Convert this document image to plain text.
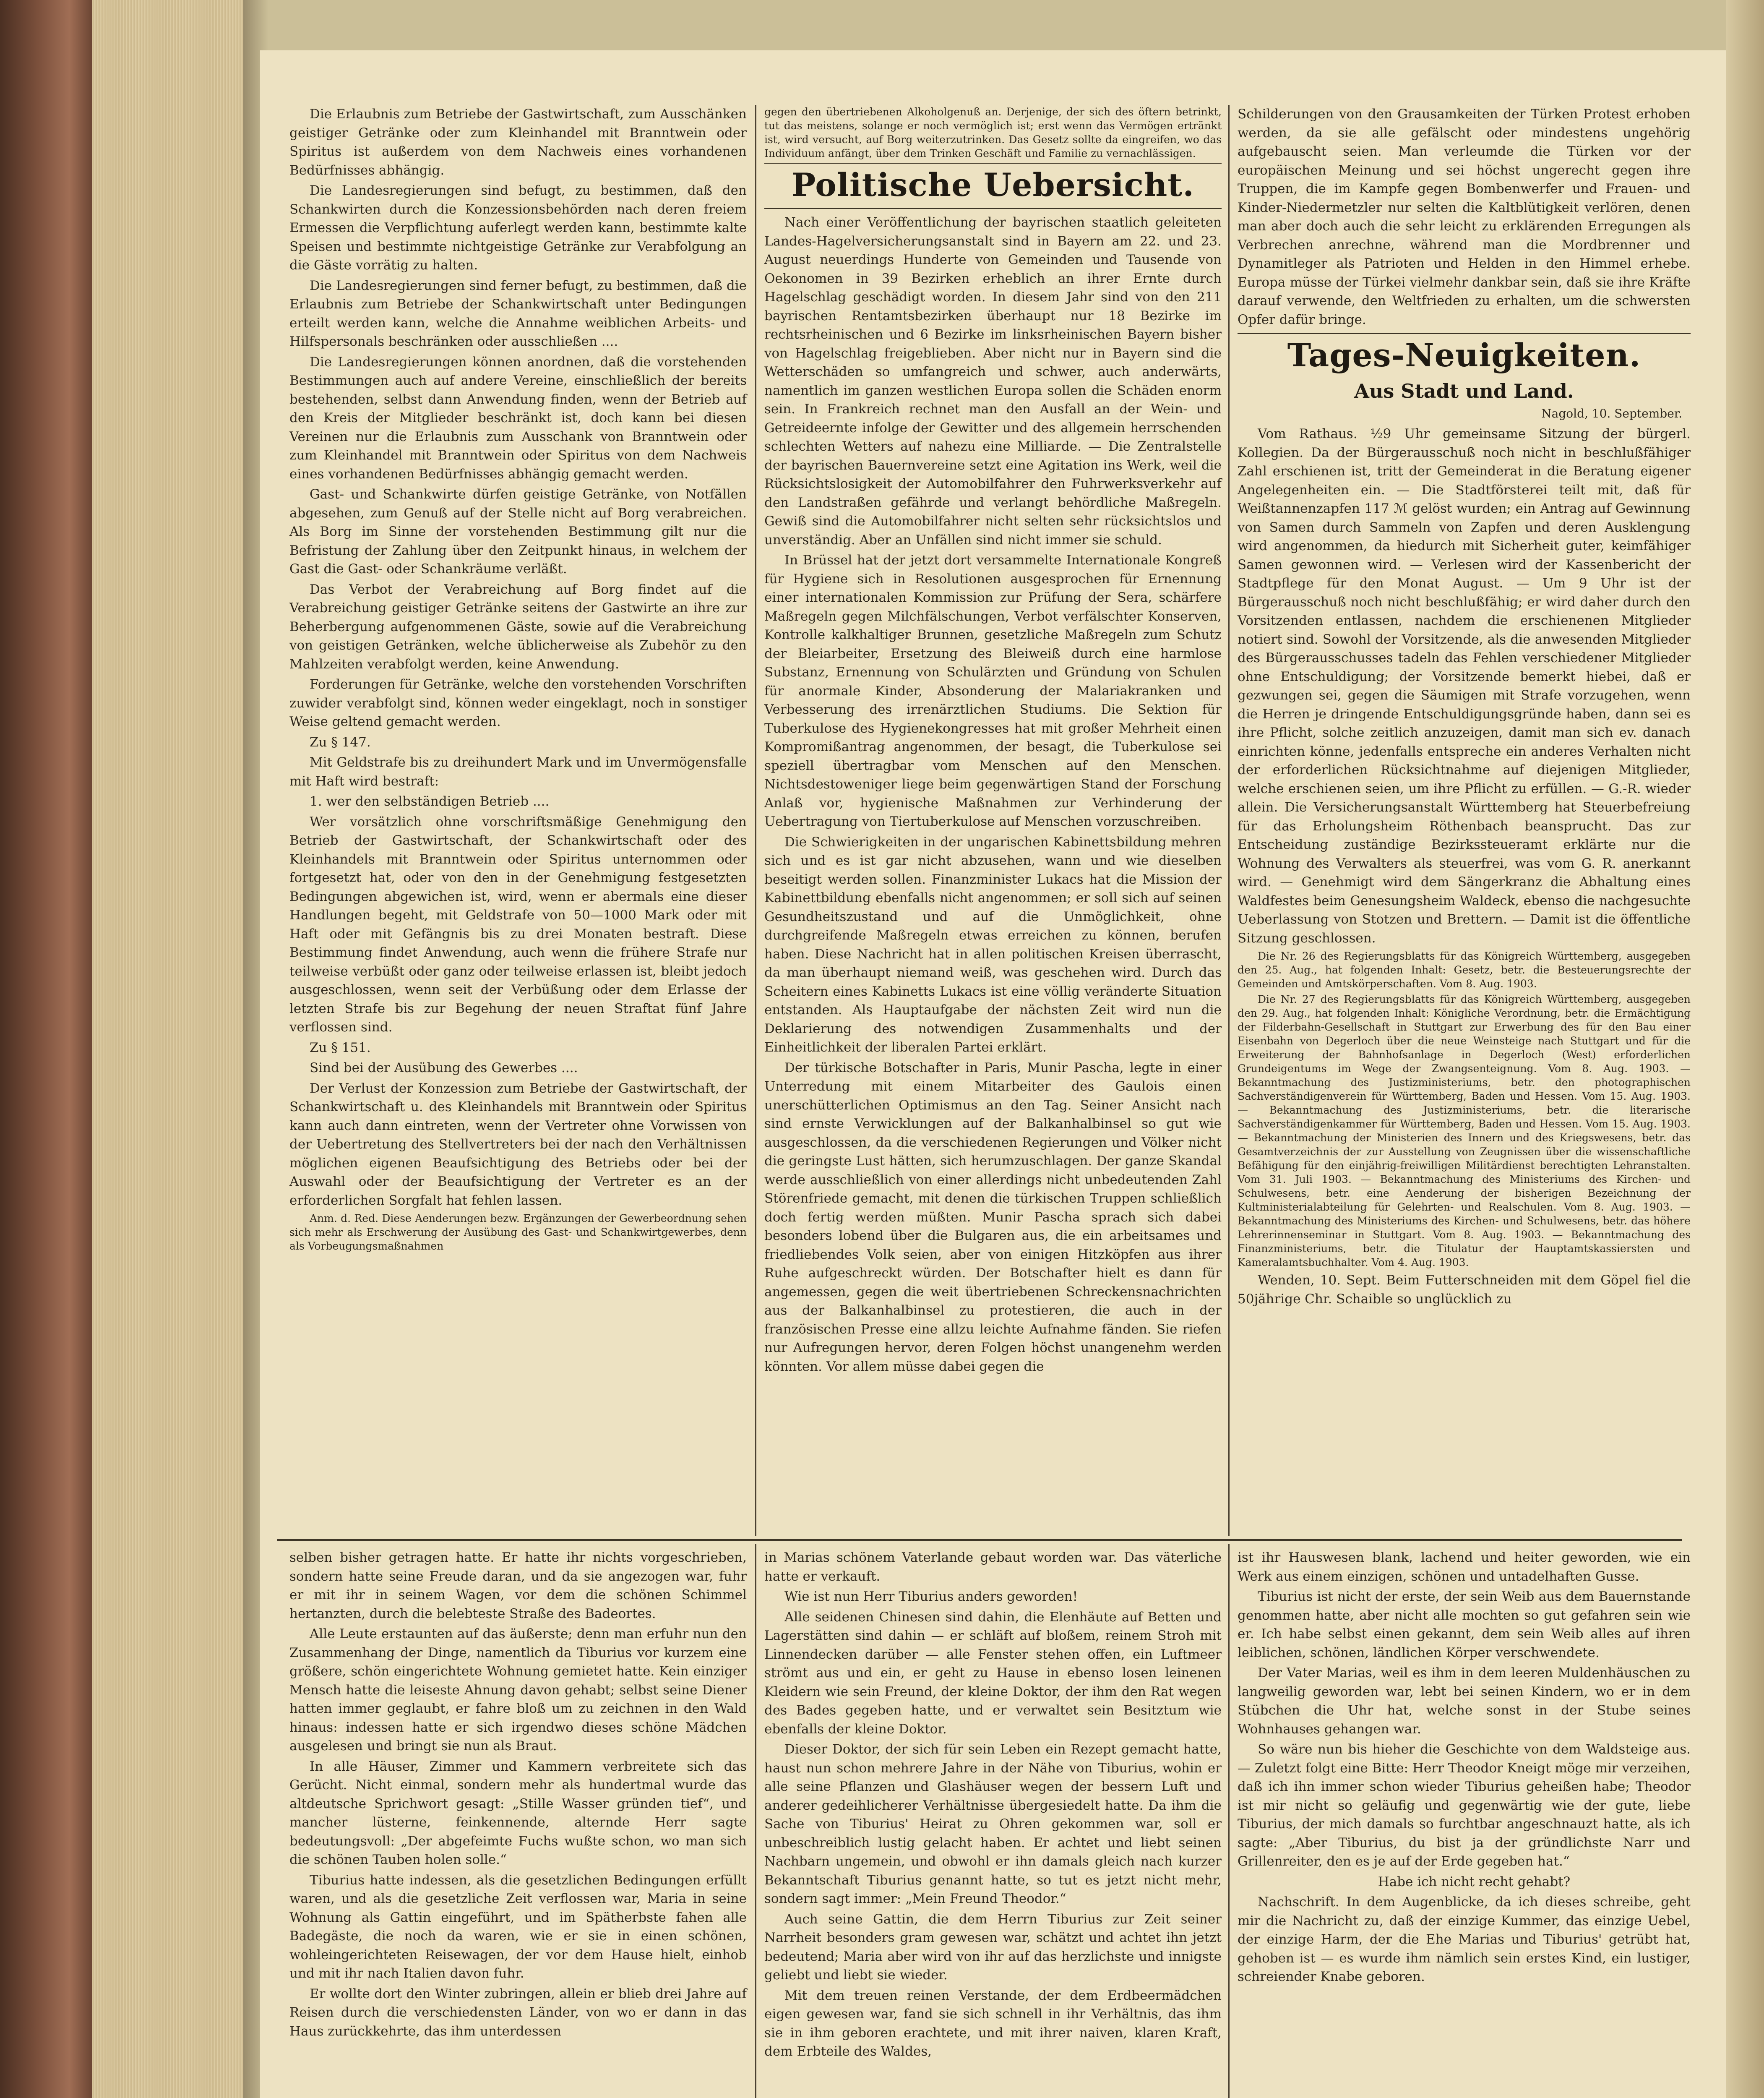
Die Erlaubnis zum Betriebe der Gastwirtschaft, zum Ausschänken geistiger Getränke oder zum Kleinhandel mit Branntwein oder Spiritus ist außerdem von dem Nachweis eines vorhandenen Bedürfnisses abhängig.

Die Landesregierungen sind befugt, zu bestimmen, daß den Schankwirten durch die Konzessionsbehörden nach deren freiem Ermessen die Verpflichtung auferlegt werden kann, bestimmte kalte Speisen und bestimmte nichtgeistige Getränke zur Verabfolgung an die Gäste vorrätig zu halten.

Die Landesregierungen sind ferner befugt, zu bestimmen, daß die Erlaubnis zum Betriebe der Schankwirtschaft unter Bedingungen erteilt werden kann, welche die Annahme weiblichen Arbeits- und Hilfspersonals beschränken oder ausschließen ....

Die Landesregierungen können anordnen, daß die vorstehenden Bestimmungen auch auf andere Vereine, einschließlich der bereits bestehenden, selbst dann Anwendung finden, wenn der Betrieb auf den Kreis der Mitglieder beschränkt ist, doch kann bei diesen Vereinen nur die Erlaubnis zum Ausschank von Branntwein oder zum Kleinhandel mit Branntwein oder Spiritus von dem Nachweis eines vorhandenen Bedürfnisses abhängig gemacht werden.

Gast- und Schankwirte dürfen geistige Getränke, von Notfällen abgesehen, zum Genuß auf der Stelle nicht auf Borg verabreichen. Als Borg im Sinne der vorstehenden Bestimmung gilt nur die Befristung der Zahlung über den Zeitpunkt hinaus, in welchem der Gast die Gast- oder Schankräume verläßt.

Das Verbot der Verabreichung auf Borg findet auf die Verabreichung geistiger Getränke seitens der Gastwirte an ihre zur Beherbergung aufgenommenen Gäste, sowie auf die Verabreichung von geistigen Getränken, welche üblicherweise als Zubehör zu den Mahlzeiten verabfolgt werden, keine Anwendung.

Forderungen für Getränke, welche den vorstehenden Vorschriften zuwider verabfolgt sind, können weder eingeklagt, noch in sonstiger Weise geltend gemacht werden.

Zu § 147.

Mit Geldstrafe bis zu dreihundert Mark und im Unvermögensfalle mit Haft wird bestraft:

1. wer den selbständigen Betrieb ....

Wer vorsätzlich ohne vorschriftsmäßige Genehmigung den Betrieb der Gastwirtschaft, der Schankwirtschaft oder des Kleinhandels mit Branntwein oder Spiritus unternommen oder fortgesetzt hat, oder von den in der Genehmigung festgesetzten Bedingungen abgewichen ist, wird, wenn er abermals eine dieser Handlungen begeht, mit Geldstrafe von 50—1000 Mark oder mit Haft oder mit Gefängnis bis zu drei Monaten bestraft. Diese Bestimmung findet Anwendung, auch wenn die frühere Strafe nur teilweise verbüßt oder ganz oder teilweise erlassen ist, bleibt jedoch ausgeschlossen, wenn seit der Verbüßung oder dem Erlasse der letzten Strafe bis zur Begehung der neuen Straftat fünf Jahre verflossen sind.

Zu § 151.

Sind bei der Ausübung des Gewerbes ....

Der Verlust der Konzession zum Betriebe der Gastwirtschaft, der Schankwirtschaft u. des Kleinhandels mit Branntwein oder Spiritus kann auch dann eintreten, wenn der Vertreter ohne Vorwissen von der Uebertretung des Stellvertreters bei der nach den Verhältnissen möglichen eigenen Beaufsichtigung des Betriebs oder bei der Auswahl oder der Beaufsichtigung der Vertreter es an der erforderlichen Sorgfalt hat fehlen lassen.

Anm. d. Red. Diese Aenderungen bezw. Ergänzungen der Gewerbeordnung sehen sich mehr als Erschwerung der Ausübung des Gast- und Schankwirtgewerbes, denn als Vorbeugungsmaßnahmen

gegen den übertriebenen Alkoholgenuß an. Derjenige, der sich des öftern betrinkt, tut das meistens, solange er noch vermöglich ist; erst wenn das Vermögen ertränkt ist, wird versucht, auf Borg weiterzutrinken. Das Gesetz sollte da eingreifen, wo das Individuum anfängt, über dem Trinken Geschäft und Familie zu vernachlässigen.

Politische Uebersicht.

Nach einer Veröffentlichung der bayrischen staatlich geleiteten Landes-Hagelversicherungsanstalt sind in Bayern am 22. und 23. August neuerdings Hunderte von Gemeinden und Tausende von Oekonomen in 39 Bezirken erheblich an ihrer Ernte durch Hagelschlag geschädigt worden. In diesem Jahr sind von den 211 bayrischen Rentamtsbezirken überhaupt nur 18 Bezirke im rechtsrheinischen und 6 Bezirke im linksrheinischen Bayern bisher von Hagelschlag freigeblieben. Aber nicht nur in Bayern sind die Wetterschäden so umfangreich und schwer, auch anderwärts, namentlich im ganzen westlichen Europa sollen die Schäden enorm sein. In Frankreich rechnet man den Ausfall an der Wein- und Getreideernte infolge der Gewitter und des allgemein herrschenden schlechten Wetters auf nahezu eine Milliarde. — Die Zentralstelle der bayrischen Bauernvereine setzt eine Agitation ins Werk, weil die Rücksichtslosigkeit der Automobilfahrer den Fuhrwerksverkehr auf den Landstraßen gefährde und verlangt behördliche Maßregeln. Gewiß sind die Automobilfahrer nicht selten sehr rücksichtslos und unverständig. Aber an Unfällen sind nicht immer sie schuld.

In Brüssel hat der jetzt dort versammelte Internationale Kongreß für Hygiene sich in Resolutionen ausgesprochen für Ernennung einer internationalen Kommission zur Prüfung der Sera, schärfere Maßregeln gegen Milchfälschungen, Verbot verfälschter Konserven, Kontrolle kalkhaltiger Brunnen, gesetzliche Maßregeln zum Schutz der Bleiarbeiter, Ersetzung des Bleiweiß durch eine harmlose Substanz, Ernennung von Schulärzten und Gründung von Schulen für anormale Kinder, Absonderung der Malariakranken und Verbesserung des irrenärztlichen Studiums. Die Sektion für Tuberkulose des Hygienekongresses hat mit großer Mehrheit einen Kompromißantrag angenommen, der besagt, die Tuberkulose sei speziell übertragbar vom Menschen auf den Menschen. Nichtsdestoweniger liege beim gegenwärtigen Stand der Forschung Anlaß vor, hygienische Maßnahmen zur Verhinderung der Uebertragung von Tiertuberkulose auf Menschen vorzuschreiben.

Die Schwierigkeiten in der ungarischen Kabinettsbildung mehren sich und es ist gar nicht abzusehen, wann und wie dieselben beseitigt werden sollen. Finanzminister Lukacs hat die Mission der Kabinettbildung ebenfalls nicht angenommen; er soll sich auf seinen Gesundheitszustand und auf die Unmöglichkeit, ohne durchgreifende Maßregeln etwas erreichen zu können, berufen haben. Diese Nachricht hat in allen politischen Kreisen überrascht, da man überhaupt niemand weiß, was geschehen wird. Durch das Scheitern eines Kabinetts Lukacs ist eine völlig veränderte Situation entstanden. Als Hauptaufgabe der nächsten Zeit wird nun die Deklarierung des notwendigen Zusammenhalts und der Einheitlichkeit der liberalen Partei erklärt.

Der türkische Botschafter in Paris, Munir Pascha, legte in einer Unterredung mit einem Mitarbeiter des Gaulois einen unerschütterlichen Optimismus an den Tag. Seiner Ansicht nach sind ernste Verwicklungen auf der Balkanhalbinsel so gut wie ausgeschlossen, da die verschiedenen Regierungen und Völker nicht die geringste Lust hätten, sich herumzuschlagen. Der ganze Skandal werde ausschließlich von einer allerdings nicht unbedeutenden Zahl Störenfriede gemacht, mit denen die türkischen Truppen schließlich doch fertig werden müßten. Munir Pascha sprach sich dabei besonders lobend über die Bulgaren aus, die ein arbeitsames und friedliebendes Volk seien, aber von einigen Hitzköpfen aus ihrer Ruhe aufgeschreckt würden. Der Botschafter hielt es dann für angemessen, gegen die weit übertriebenen Schreckensnachrichten aus der Balkanhalbinsel zu protestieren, die auch in der französischen Presse eine allzu leichte Aufnahme fänden. Sie riefen nur Aufregungen hervor, deren Folgen höchst unangenehm werden könnten. Vor allem müsse dabei gegen die

Schilderungen von den Grausamkeiten der Türken Protest erhoben werden, da sie alle gefälscht oder mindestens ungehörig aufgebauscht seien. Man verleumde die Türken vor der europäischen Meinung und sei höchst ungerecht gegen ihre Truppen, die im Kampfe gegen Bombenwerfer und Frauen- und Kinder-Niedermetzler nur selten die Kaltblütigkeit verlören, denen man aber doch auch die sehr leicht zu erklärenden Erregungen als Verbrechen anrechne, während man die Mordbrenner und Dynamitleger als Patrioten und Helden in den Himmel erhebe. Europa müsse der Türkei vielmehr dankbar sein, daß sie ihre Kräfte darauf verwende, den Weltfrieden zu erhalten, um die schwersten Opfer dafür bringe.

Tages-Neuigkeiten.
Aus Stadt und Land.
Nagold, 10. September.

Vom Rathaus. ½9 Uhr gemeinsame Sitzung der bürgerl. Kollegien. Da der Bürgerausschuß noch nicht in beschlußfähiger Zahl erschienen ist, tritt der Gemeinderat in die Beratung eigener Angelegenheiten ein. — Die Stadtförsterei teilt mit, daß für Weißtannenzapfen 117 ℳ gelöst wurden; ein Antrag auf Gewinnung von Samen durch Sammeln von Zapfen und deren Ausklengung wird angenommen, da hiedurch mit Sicherheit guter, keimfähiger Samen gewonnen wird. — Verlesen wird der Kassenbericht der Stadtpflege für den Monat August. — Um 9 Uhr ist der Bürgerausschuß noch nicht beschlußfähig; er wird daher durch den Vorsitzenden entlassen, nachdem die erschienenen Mitglieder notiert sind. Sowohl der Vorsitzende, als die anwesenden Mitglieder des Bürgerausschusses tadeln das Fehlen verschiedener Mitglieder ohne Entschuldigung; der Vorsitzende bemerkt hiebei, daß er gezwungen sei, gegen die Säumigen mit Strafe vorzugehen, wenn die Herren je dringende Entschuldigungsgründe haben, dann sei es ihre Pflicht, solche zeitlich anzuzeigen, damit man sich ev. danach einrichten könne, jedenfalls entspreche ein anderes Verhalten nicht der erforderlichen Rücksichtnahme auf diejenigen Mitglieder, welche erschienen seien, um ihre Pflicht zu erfüllen. — G.-R. wieder allein. Die Versicherungsanstalt Württemberg hat Steuerbefreiung für das Erholungsheim Röthenbach beansprucht. Das zur Entscheidung zuständige Bezirkssteueramt erklärte nur die Wohnung des Verwalters als steuerfrei, was vom G. R. anerkannt wird. — Genehmigt wird dem Sängerkranz die Abhaltung eines Waldfestes beim Genesungsheim Waldeck, ebenso die nachgesuchte Ueberlassung von Stotzen und Brettern. — Damit ist die öffentliche Sitzung geschlossen.

Die Nr. 26 des Regierungsblatts für das Königreich Württemberg, ausgegeben den 25. Aug., hat folgenden Inhalt: Gesetz, betr. die Besteuerungsrechte der Gemeinden und Amtskörperschaften. Vom 8. Aug. 1903.

Die Nr. 27 des Regierungsblatts für das Königreich Württemberg, ausgegeben den 29. Aug., hat folgenden Inhalt: Königliche Verordnung, betr. die Ermächtigung der Filderbahn-Gesellschaft in Stuttgart zur Erwerbung des für den Bau einer Eisenbahn von Degerloch über die neue Weinsteige nach Stuttgart und für die Erweiterung der Bahnhofsanlage in Degerloch (West) erforderlichen Grundeigentums im Wege der Zwangsenteignung. Vom 8. Aug. 1903. — Bekanntmachung des Justizministeriums, betr. den photographischen Sachverständigenverein für Württemberg, Baden und Hessen. Vom 15. Aug. 1903. — Bekanntmachung des Justizministeriums, betr. die literarische Sachverständigenkammer für Württemberg, Baden und Hessen. Vom 15. Aug. 1903. — Bekanntmachung der Ministerien des Innern und des Kriegswesens, betr. das Gesamtverzeichnis der zur Ausstellung von Zeugnissen über die wissenschaftliche Befähigung für den einjährig-freiwilligen Militärdienst berechtigten Lehranstalten. Vom 31. Juli 1903. — Bekanntmachung des Ministeriums des Kirchen- und Schulwesens, betr. eine Aenderung der bisherigen Bezeichnung der Kultministerialabteilung für Gelehrten- und Realschulen. Vom 8. Aug. 1903. — Bekanntmachung des Ministeriums des Kirchen- und Schulwesens, betr. das höhere Lehrerinnenseminar in Stuttgart. Vom 8. Aug. 1903. — Bekanntmachung des Finanzministeriums, betr. die Titulatur der Hauptamtskassiersten und Kameralamtsbuchhalter. Vom 4. Aug. 1903.

Wenden, 10. Sept. Beim Futterschneiden mit dem Göpel fiel die 50jährige Chr. Schaible so unglücklich zu

selben bisher getragen hatte. Er hatte ihr nichts vorgeschrieben, sondern hatte seine Freude daran, und da sie angezogen war, fuhr er mit ihr in seinem Wagen, vor dem die schönen Schimmel hertanzten, durch die belebteste Straße des Badeortes.

Alle Leute erstaunten auf das äußerste; denn man erfuhr nun den Zusammenhang der Dinge, namentlich da Tiburius vor kurzem eine größere, schön eingerichtete Wohnung gemietet hatte. Kein einziger Mensch hatte die leiseste Ahnung davon gehabt; selbst seine Diener hatten immer geglaubt, er fahre bloß um zu zeichnen in den Wald hinaus: indessen hatte er sich irgendwo dieses schöne Mädchen ausgelesen und bringt sie nun als Braut.

In alle Häuser, Zimmer und Kammern verbreitete sich das Gerücht. Nicht einmal, sondern mehr als hundertmal wurde das altdeutsche Sprichwort gesagt: „Stille Wasser gründen tief“, und mancher lüsterne, feinkennende, alternde Herr sagte bedeutungsvoll: „Der abgefeimte Fuchs wußte schon, wo man sich die schönen Tauben holen solle.“

Tiburius hatte indessen, als die gesetzlichen Bedingungen erfüllt waren, und als die gesetzliche Zeit verflossen war, Maria in seine Wohnung als Gattin eingeführt, und im Spätherbste fahen alle Badegäste, die noch da waren, wie er sie in einen schönen, wohleingerichteten Reisewagen, der vor dem Hause hielt, einhob und mit ihr nach Italien davon fuhr.

Er wollte dort den Winter zubringen, allein er blieb drei Jahre auf Reisen durch die verschiedensten Länder, von wo er dann in das Haus zurückkehrte, das ihm unterdessen

in Marias schönem Vaterlande gebaut worden war. Das väterliche hatte er verkauft.

Wie ist nun Herr Tiburius anders geworden!

Alle seidenen Chinesen sind dahin, die Elenhäute auf Betten und Lagerstätten sind dahin — er schläft auf bloßem, reinem Stroh mit Linnendecken darüber — alle Fenster stehen offen, ein Luftmeer strömt aus und ein, er geht zu Hause in ebenso losen leinenen Kleidern wie sein Freund, der kleine Doktor, der ihm den Rat wegen des Bades gegeben hatte, und er verwaltet sein Besitztum wie ebenfalls der kleine Doktor.

Dieser Doktor, der sich für sein Leben ein Rezept gemacht hatte, haust nun schon mehrere Jahre in der Nähe von Tiburius, wohin er alle seine Pflanzen und Glashäuser wegen der bessern Luft und anderer gedeihlicherer Verhältnisse übergesiedelt hatte. Da ihm die Sache von Tiburius' Heirat zu Ohren gekommen war, soll er unbeschreiblich lustig gelacht haben. Er achtet und liebt seinen Nachbarn ungemein, und obwohl er ihn damals gleich nach kurzer Bekanntschaft Tiburius genannt hatte, so tut es jetzt nicht mehr, sondern sagt immer: „Mein Freund Theodor.“

Auch seine Gattin, die dem Herrn Tiburius zur Zeit seiner Narrheit besonders gram gewesen war, schätzt und achtet ihn jetzt bedeutend; Maria aber wird von ihr auf das herzlichste und innigste geliebt und liebt sie wieder.

Mit dem treuen reinen Verstande, der dem Erdbeermädchen eigen gewesen war, fand sie sich schnell in ihr Verhältnis, das ihm sie in ihm geboren erachtete, und mit ihrer naiven, klaren Kraft, dem Erbteile des Waldes,

ist ihr Hauswesen blank, lachend und heiter geworden, wie ein Werk aus einem einzigen, schönen und untadelhaften Gusse.

Tiburius ist nicht der erste, der sein Weib aus dem Bauernstande genommen hatte, aber nicht alle mochten so gut gefahren sein wie er. Ich habe selbst einen gekannt, dem sein Weib alles auf ihren leiblichen, schönen, ländlichen Körper verschwendete.

Der Vater Marias, weil es ihm in dem leeren Muldenhäuschen zu langweilig geworden war, lebt bei seinen Kindern, wo er in dem Stübchen die Uhr hat, welche sonst in der Stube seines Wohnhauses gehangen war.

So wäre nun bis hieher die Geschichte von dem Waldsteige aus. — Zuletzt folgt eine Bitte: Herr Theodor Kneigt möge mir verzeihen, daß ich ihn immer schon wieder Tiburius geheißen habe; Theodor ist mir nicht so geläufig und gegenwärtig wie der gute, liebe Tiburius, der mich damals so furchtbar angeschnauzt hatte, als ich sagte: „Aber Tiburius, du bist ja der gründlichste Narr und Grillenreiter, den es je auf der Erde gegeben hat.“

Habe ich nicht recht gehabt?

Nachschrift. In dem Augenblicke, da ich dieses schreibe, geht mir die Nachricht zu, daß der einzige Kummer, das einzige Uebel, der einzige Harm, der die Ehe Marias und Tiburius' getrübt hat, gehoben ist — es wurde ihm nämlich sein erstes Kind, ein lustiger, schreiender Knabe geboren.
